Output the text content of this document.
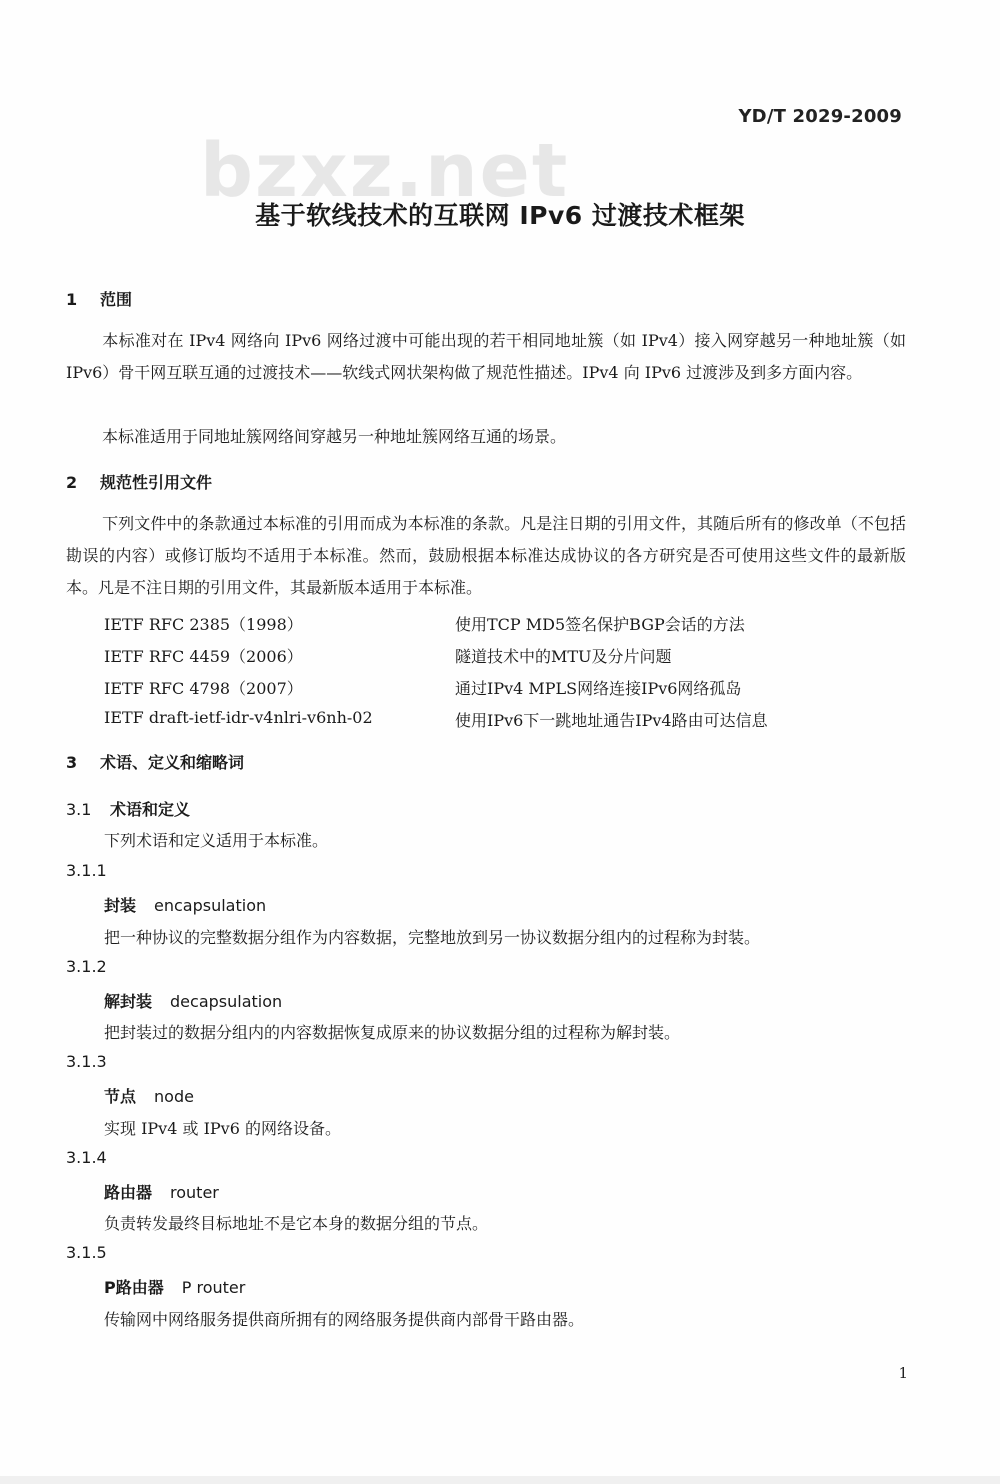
YD/T 2029-2009
bzxz.net
基于软线技术的互联网 IPv6 过渡技术框架
1 范围
本标准对在 IPv4 网络向 IPv6 网络过渡中可能出现的若干相同地址簇（如 IPv4）接入网穿越另一种地址簇（如 IPv6）骨干网互联互通的过渡技术——软线式网状架构做了规范性描述。IPv4 向 IPv6 过渡涉及到多方面内容。
本标准适用于同地址簇网络间穿越另一种地址簇网络互通的场景。
2 规范性引用文件
下列文件中的条款通过本标准的引用而成为本标准的条款。凡是注日期的引用文件，其随后所有的修改单（不包括勘误的内容）或修订版均不适用于本标准。然而，鼓励根据本标准达成协议的各方研究是否可使用这些文件的最新版本。凡是不注日期的引用文件，其最新版本适用于本标准。
IETF RFC 2385（1998）	使用TCP MD5签名保护BGP会话的方法
IETF RFC 4459（2006）	隧道技术中的MTU及分片问题
IETF RFC 4798（2007）	通过IPv4 MPLS网络连接IPv6网络孤岛
IETF draft-ietf-idr-v4nlri-v6nh-02	使用IPv6下一跳地址通告IPv4路由可达信息
3 术语、定义和缩略词
3.1 术语和定义
下列术语和定义适用于本标准。
3.1.1
封装 encapsulation
把一种协议的完整数据分组作为内容数据，完整地放到另一协议数据分组内的过程称为封装。
3.1.2
解封装 decapsulation
把封装过的数据分组内的内容数据恢复成原来的协议数据分组的过程称为解封装。
3.1.3
节点 node
实现 IPv4 或 IPv6 的网络设备。
3.1.4
路由器 router
负责转发最终目标地址不是它本身的数据分组的节点。
3.1.5
P路由器 P router
传输网中网络服务提供商所拥有的网络服务提供商内部骨干路由器。
1
